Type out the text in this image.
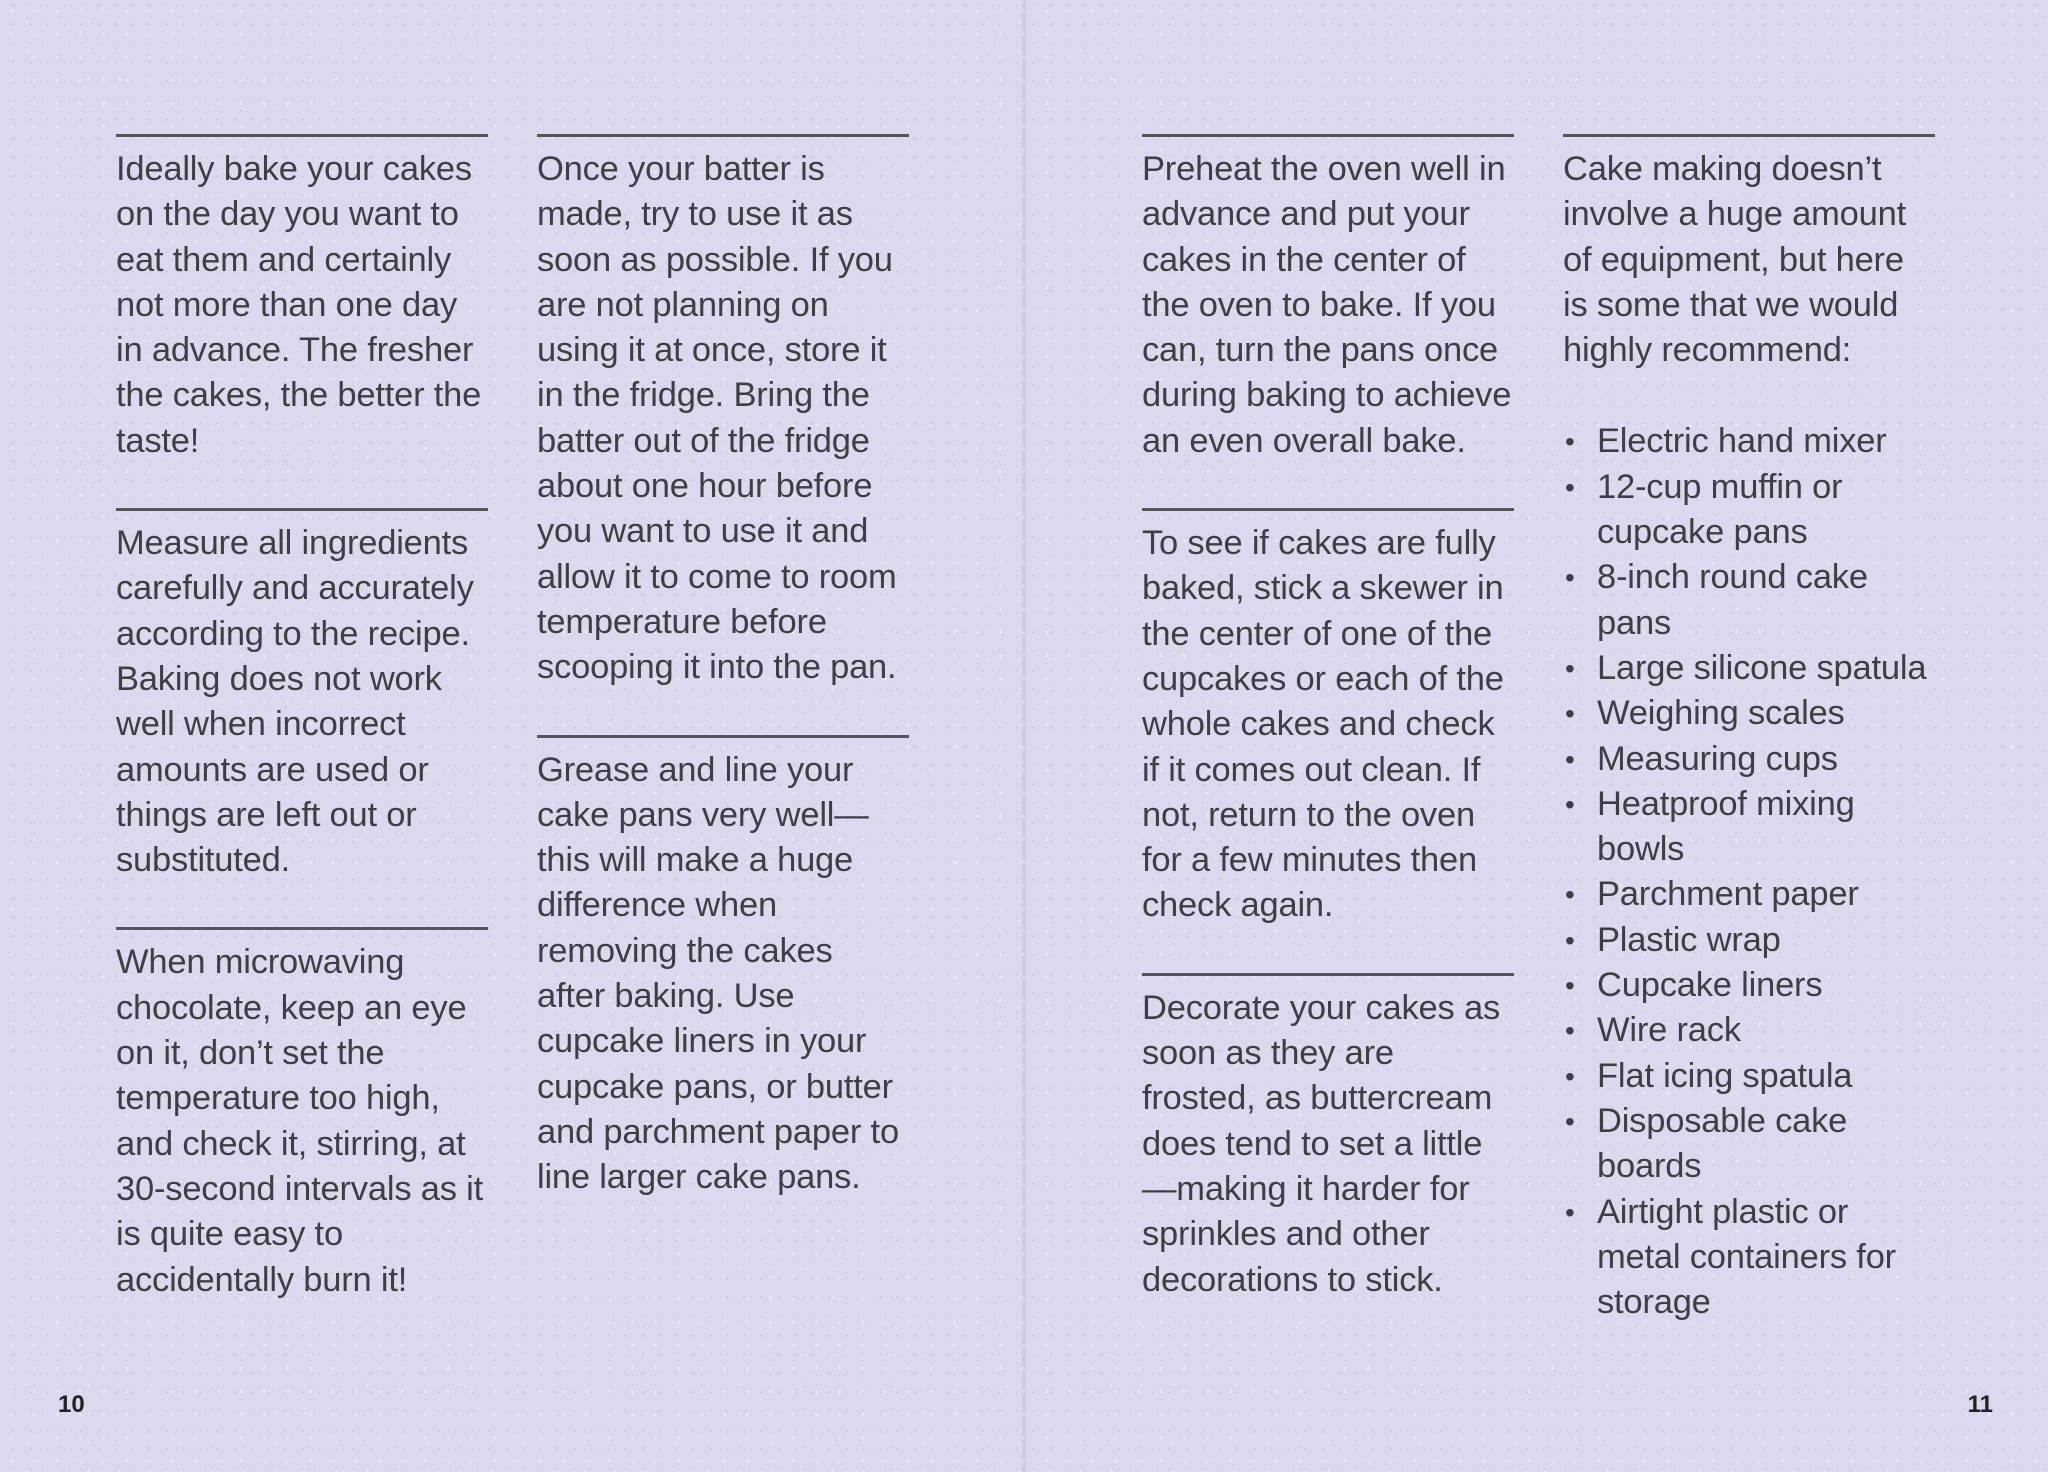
Ideally bake your cakes on the day you want to eat them and certainly not more than one day in advance. The fresher the cakes, the better the taste!

Measure all ingredients carefully and accurately according to the recipe. Baking does not work well when incorrect amounts are used or things are left out or substituted.

When microwaving chocolate, keep an eye on it, don’t set the temperature too high, and check it, stirring, at 30-second intervals as it is quite easy to accidentally burn it!

Once your batter is made, try to use it as soon as possible. If you are not planning on using it at once, store it in the fridge. Bring the batter out of the fridge about one hour before you want to use it and allow it to come to room temperature before scooping it into the pan.

Grease and line your cake pans very well—this will make a huge difference when removing the cakes after baking. Use cupcake liners in your cupcake pans, or butter and parchment paper to line larger cake pans.

Preheat the oven well in advance and put your cakes in the center of the oven to bake. If you can, turn the pans once during baking to achieve an even overall bake.

To see if cakes are fully baked, stick a skewer in the center of one of the cupcakes or each of the whole cakes and check if it comes out clean. If not, return to the oven for a few minutes then check again.

Decorate your cakes as soon as they are frosted, as buttercream does tend to set a little—making it harder for sprinkles and other decorations to stick.

Cake making doesn’t involve a huge amount of equipment, but here is some that we would highly recommend:

• Electric hand mixer
• 12-cup muffin or cupcake pans
• 8-inch round cake pans
• Large silicone spatula
• Weighing scales
• Measuring cups
• Heatproof mixing bowls
• Parchment paper
• Plastic wrap
• Cupcake liners
• Wire rack
• Flat icing spatula
• Disposable cake boards
• Airtight plastic or metal containers for storage
10	11
